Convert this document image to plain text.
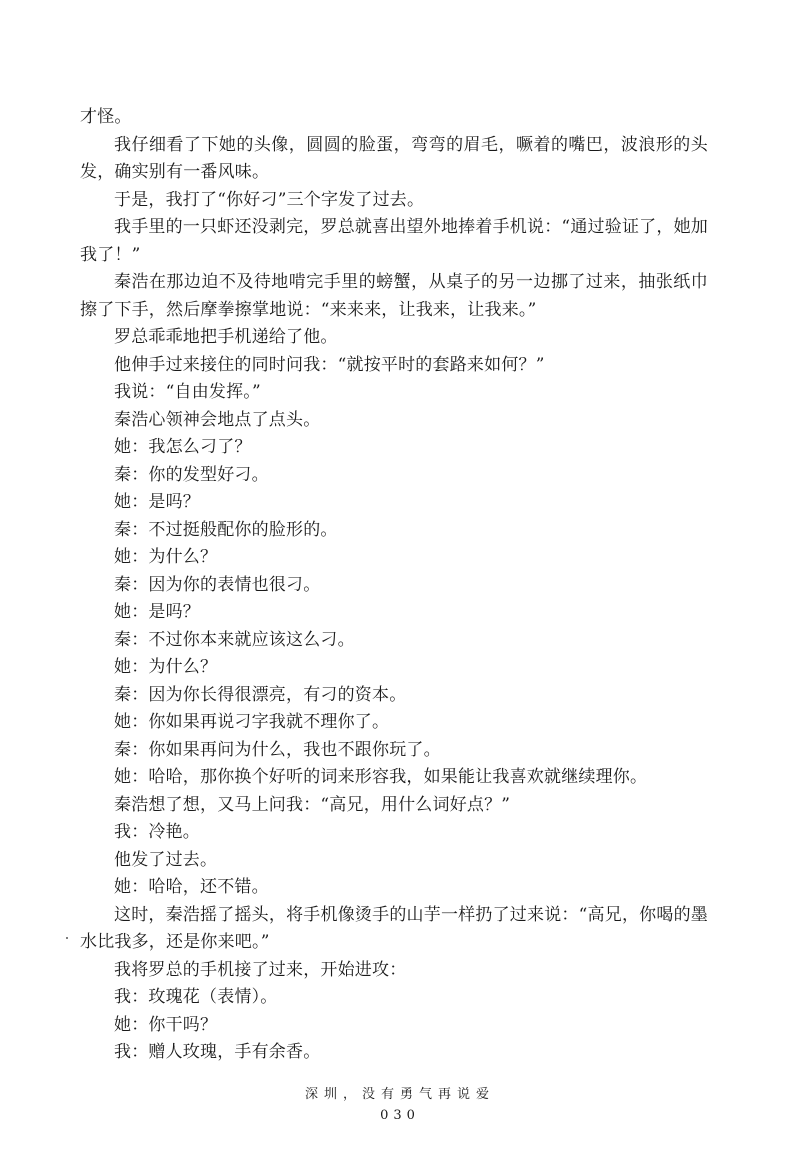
才怪。

我仔细看了下她的头像，圆圆的脸蛋，弯弯的眉毛，噘着的嘴巴，波浪形的头发，确实别有一番风味。

于是，我打了“你好刁”三个字发了过去。

我手里的一只虾还没剥完，罗总就喜出望外地捧着手机说：“通过验证了，她加我了！”

秦浩在那边迫不及待地啃完手里的螃蟹，从桌子的另一边挪了过来，抽张纸巾擦了下手，然后摩拳擦掌地说：“来来来，让我来，让我来。”

罗总乖乖地把手机递给了他。

他伸手过来接住的同时问我：“就按平时的套路来如何？”

我说：“自由发挥。”

秦浩心领神会地点了点头。

她：我怎么刁了？

秦：你的发型好刁。

她：是吗？

秦：不过挺般配你的脸形的。

她：为什么？

秦：因为你的表情也很刁。

她：是吗？

秦：不过你本来就应该这么刁。

她：为什么？

秦：因为你长得很漂亮，有刁的资本。

她：你如果再说刁字我就不理你了。

秦：你如果再问为什么，我也不跟你玩了。

她：哈哈，那你换个好听的词来形容我，如果能让我喜欢就继续理你。

秦浩想了想，又马上问我：“高兄，用什么词好点？”

我：冷艳。

他发了过去。

她：哈哈，还不错。

这时，秦浩摇了摇头，将手机像烫手的山芋一样扔了过来说：“高兄，你喝的墨水比我多，还是你来吧。”

我将罗总的手机接了过来，开始进攻：

我：玫瑰花（表情）。

她：你干吗？

我：赠人玫瑰，手有余香。

深圳，没有勇气再说爱
030
